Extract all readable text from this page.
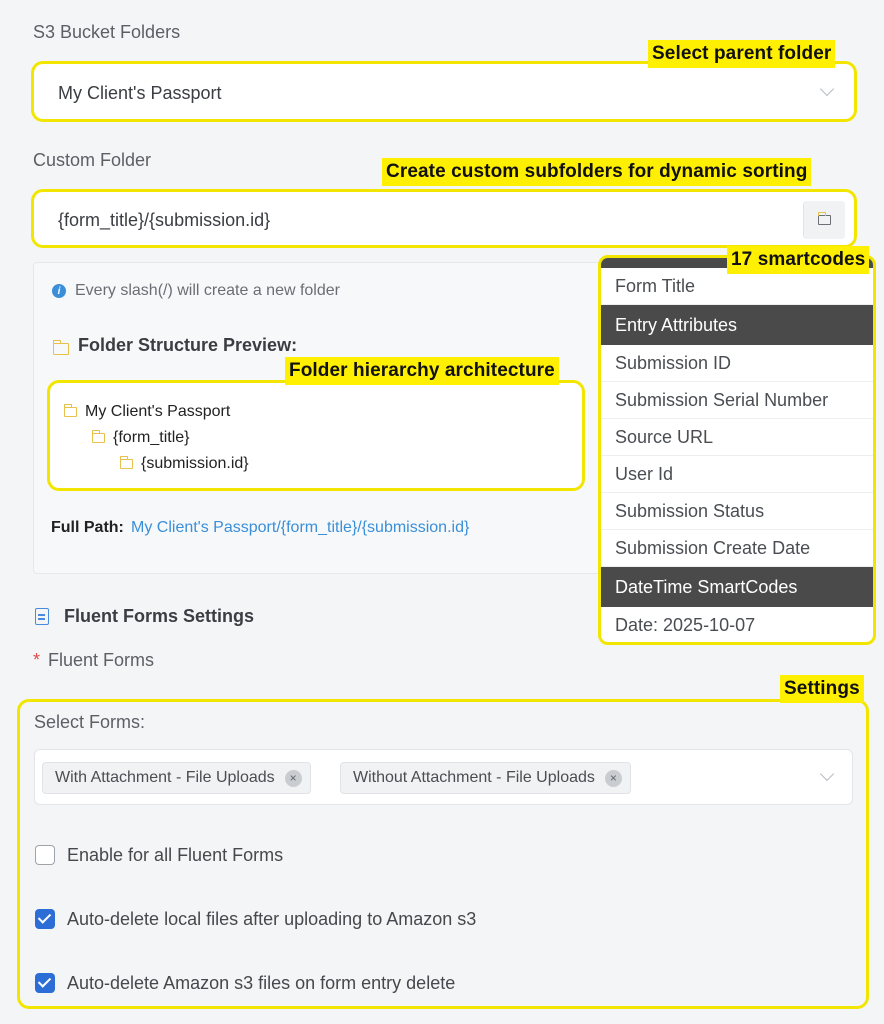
S3 Bucket Folders
My Client's Passport
Select parent folder
Custom Folder
{form_title}/{submission.id}
Create custom subfolders for dynamic sorting
i Every slash(/) will create a new folder
Folder Structure Preview:
My Client's Passport
{form_title}
{submission.id}
Folder hierarchy architecture
Full Path: My Client's Passport/{form_title}/{submission.id}
Form Title
Entry Attributes
Submission ID
Submission Serial Number
Source URL
User Id
Submission Status
Submission Create Date
DateTime SmartCodes
Date: 2025-10-07
17 smartcodes
Fluent Forms Settings
* Fluent Forms
Select Forms:
With Attachment - File Uploads	×	Without Attachment - File Uploads	×
Enable for all Fluent Forms
Auto-delete local files after uploading to Amazon s3
Auto-delete Amazon s3 files on form entry delete
Settings
